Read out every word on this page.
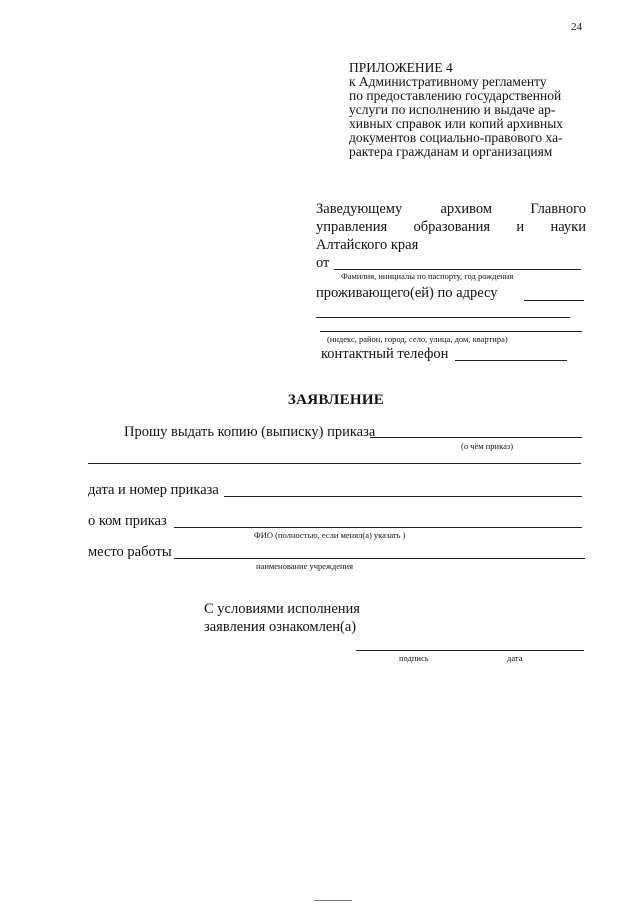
24
ПРИЛОЖЕНИЕ 4
к Административному регламенту
по предоставлению государственной
услуги по исполнению и выдаче ар-
хивных справок или копий архивных
документов социально-правового ха-
рактера гражданам и организациям
Заведующему	архивом	Главного
управления образования и науки
Алтайского края
от
Фамилия, инициалы по паспорту, год рождения
проживающего(ей) по адресу
(индекс, район, город, село, улица, дом, квартира)
контактный телефон
ЗАЯВЛЕНИЕ
Прошу выдать копию (выписку) приказа
(о чём приказ)
дата и номер приказа
о ком приказ
ФИО (полностью, если менял(а) указать )
место работы
наименование учреждения
С условиями исполнения
заявления ознакомлен(а)
подпись	дата
